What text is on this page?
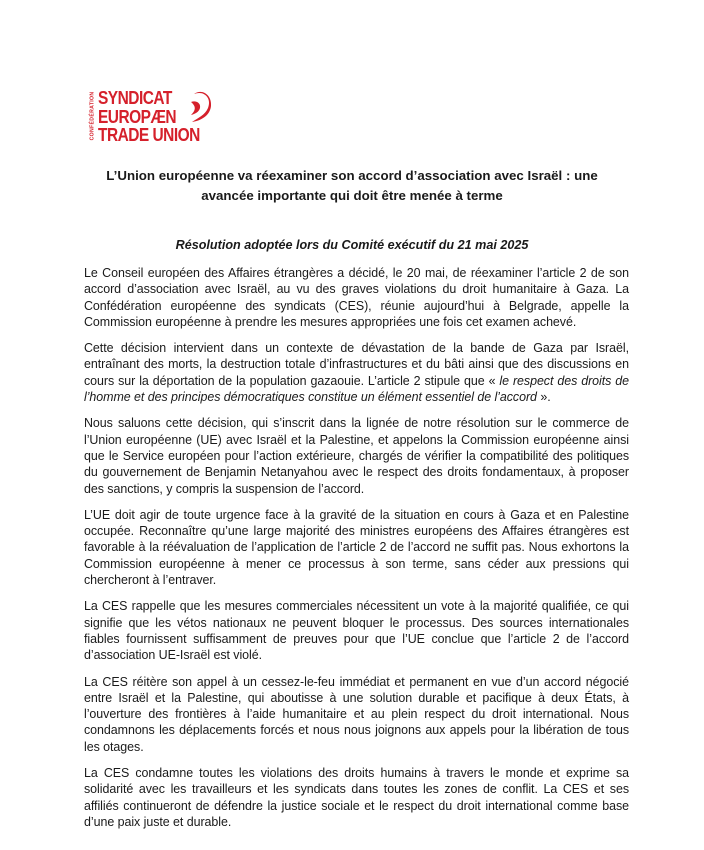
CONFÉDÉRATION SYNDICAT
EUROPÆN
TRADE UNION
L’Union européenne va réexaminer son accord d’association avec Israël : une
avancée importante qui doit être menée à terme
Résolution adoptée lors du Comité exécutif du 21 mai 2025

Le Conseil européen des Affaires étrangères a décidé, le 20 mai, de réexaminer l’article 2 de son accord d’association avec Israël, au vu des graves violations du droit humanitaire à Gaza. La Confédération européenne des syndicats (CES), réunie aujourd’hui à Belgrade, appelle la Commission européenne à prendre les mesures appropriées une fois cet examen achevé.

Cette décision intervient dans un contexte de dévastation de la bande de Gaza par Israël, entraînant des morts, la destruction totale d’infrastructures et du bâti ainsi que des discussions en cours sur la déportation de la population gazaouie. L’article 2 stipule que « le respect des droits de l’homme et des principes démocratiques constitue un élément essentiel de l’accord ».

Nous saluons cette décision, qui s’inscrit dans la lignée de notre résolution sur le commerce de l’Union européenne (UE) avec Israël et la Palestine, et appelons la Commission européenne ainsi que le Service européen pour l’action extérieure, chargés de vérifier la compatibilité des politiques du gouvernement de Benjamin Netanyahou avec le respect des droits fondamentaux, à proposer des sanctions, y compris la suspension de l’accord.

L’UE doit agir de toute urgence face à la gravité de la situation en cours à Gaza et en Palestine occupée. Reconnaître qu’une large majorité des ministres européens des Affaires étrangères est favorable à la réévaluation de l’application de l’article 2 de l’accord ne suffit pas. Nous exhortons la Commission européenne à mener ce processus à son terme, sans céder aux pressions qui chercheront à l’entraver.

La CES rappelle que les mesures commerciales nécessitent un vote à la majorité qualifiée, ce qui signifie que les vétos nationaux ne peuvent bloquer le processus. Des sources internationales fiables fournissent suffisamment de preuves pour que l’UE conclue que l’article 2 de l’accord d’association UE-Israël est violé.

La CES réitère son appel à un cessez-le-feu immédiat et permanent en vue d’un accord négocié entre Israël et la Palestine, qui aboutisse à une solution durable et pacifique à deux États, à l’ouverture des frontières à l’aide humanitaire et au plein respect du droit international. Nous condamnons les déplacements forcés et nous nous joignons aux appels pour la libération de tous les otages.

La CES condamne toutes les violations des droits humains à travers le monde et exprime sa solidarité avec les travailleurs et les syndicats dans toutes les zones de conflit. La CES et ses affiliés continueront de défendre la justice sociale et le respect du droit international comme base d’une paix juste et durable.
